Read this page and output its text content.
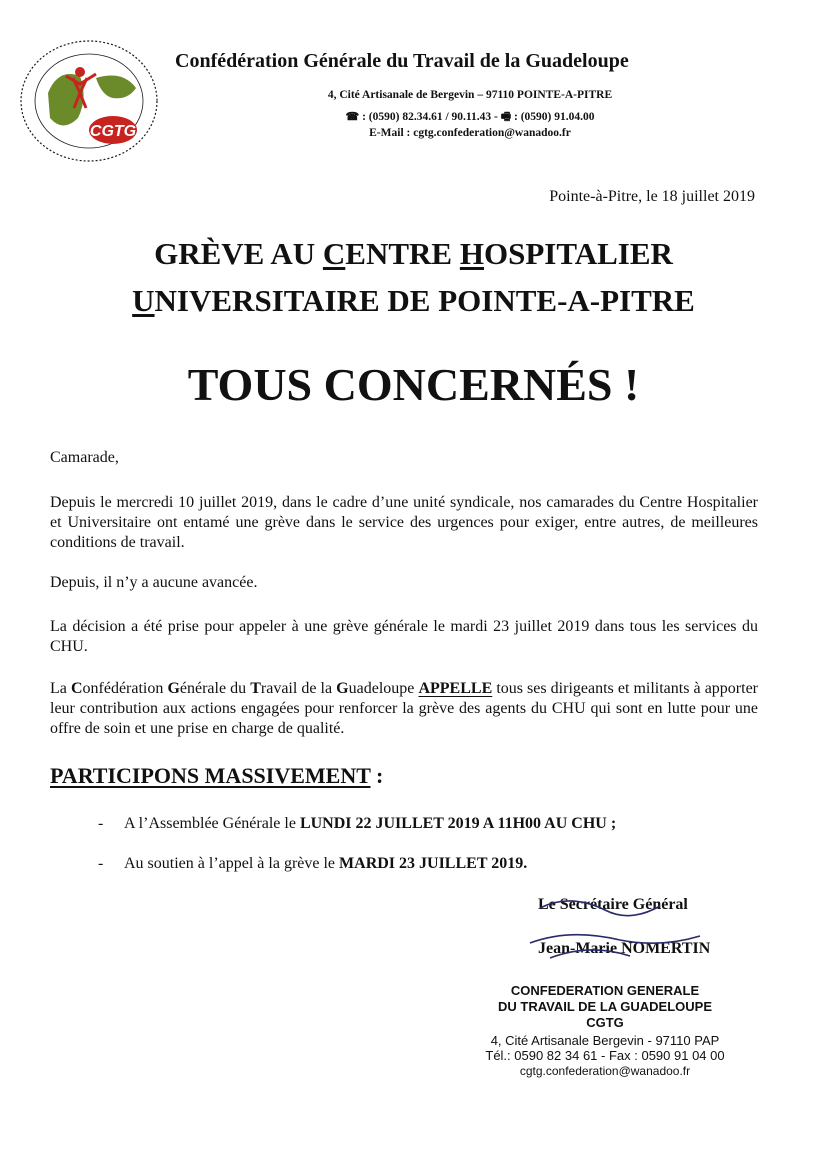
CGTG
Confédération Générale du Travail de la Guadeloupe
4, Cité Artisanale de Bergevin – 97110 POINTE-A-PITRE
☎ : (0590) 82.34.61 / 90.11.43 - 🖷 : (0590) 91.04.00
E-Mail : cgtg.confederation@wanadoo.fr
Pointe-à-Pitre, le 18 juillet 2019
GRÈVE AU CENTRE HOSPITALIER
UNIVERSITAIRE DE POINTE-A-PITRE
TOUS CONCERNÉS !
Camarade,
Depuis le mercredi 10 juillet 2019, dans le cadre d’une unité syndicale, nos camarades du Centre Hospitalier et Universitaire ont entamé une grève dans le service des urgences pour exiger, entre autres, de meilleures conditions de travail.
Depuis, il n’y a aucune avancée.
La décision a été prise pour appeler à une grève générale le mardi 23 juillet 2019 dans tous les services du CHU.
La Confédération Générale du Travail de la Guadeloupe APPELLE tous ses dirigeants et militants à apporter leur contribution aux actions engagées pour renforcer la grève des agents du CHU qui sont en lutte pour une offre de soin et une prise en charge de qualité.
PARTICIPONS MASSIVEMENT :
- A l’Assemblée Générale le LUNDI 22 JUILLET 2019 A 11H00 AU CHU ;
- Au soutien à l’appel à la grève le MARDI 23 JUILLET 2019.
Le Secrétaire Général
Jean-Marie NOMERTIN
CONFEDERATION GENERALE
DU TRAVAIL DE LA GUADELOUPE
CGTG
4, Cité Artisanale Bergevin - 97110 PAP
Tél.: 0590 82 34 61 - Fax : 0590 91 04 00
cgtg.confederation@wanadoo.fr
